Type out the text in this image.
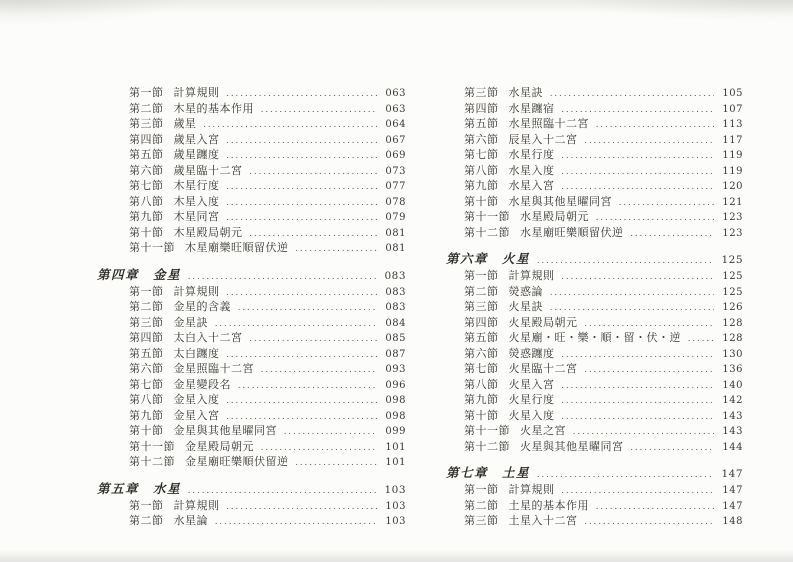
第一節 計算規則 .....	063
第二節 木星的基本作用 .....	063
第三節 歲星 .....	064
第四節 歲星入宮 .....	067
第五節 歲星躔度 .....	069
第六節 歲星臨十二宮 .....	073
第七節 木星行度 .....	077
第八節 木星入度 .....	078
第九節 木星同宮 .....	079
第十節 木星殿局朝元 .....	081
第十一節 木星廟樂旺順留伏逆 .....	081
第四章 金星 .....	083
第一節 計算規則 .....	083
第二節 金星的含義 .....	083
第三節 金星訣 .....	084
第四節 太白入十二宮 .....	085
第五節 太白躔度 .....	087
第六節 金星照臨十二宮 .....	093
第七節 金星變段名 .....	096
第八節 金星入度 .....	098
第九節 金星入宮 .....	098
第十節 金星與其他星曜同宮 .....	099
第十一節 金星殿局朝元 .....	101
第十二節 金星廟旺樂順伏留逆 .....	101
第五章 水星 .....	103
第一節 計算規則 .....	103
第二節 水星論 .....	103
第三節 水星訣 .....	105
第四節 水星躔宿 .....	107
第五節 水星照臨十二宮 .....	113
第六節 辰星入十二宮 .....	117
第七節 水星行度 .....	119
第八節 水星入度 .....	119
第九節 水星入宮 .....	120
第十節 水星與其他星曜同宮 .....	121
第十一節 水星殿局朝元 .....	123
第十二節 水星廟旺樂順留伏逆 .....	123
第六章 火星 .....	125
第一節 計算規則 .....	125
第二節 熒惑論 .....	125
第三節 火星訣 .....	126
第四節 火星殿局朝元 .....	128
第五節 火星廟・旺・樂・順・留・伏・逆 .....	128
第六節 熒惑躔度 .....	130
第七節 火星臨十二宮 .....	136
第八節 火星入宮 .....	140
第九節 火星行度 .....	142
第十節 火星入度 .....	143
第十一節 火星之宮 .....	143
第十二節 火星與其他星曜同宮 .....	144
第七章 土星 .....	147
第一節 計算規則 .....	147
第二節 土星的基本作用 .....	147
第三節 土星入十二宮 .....	148
